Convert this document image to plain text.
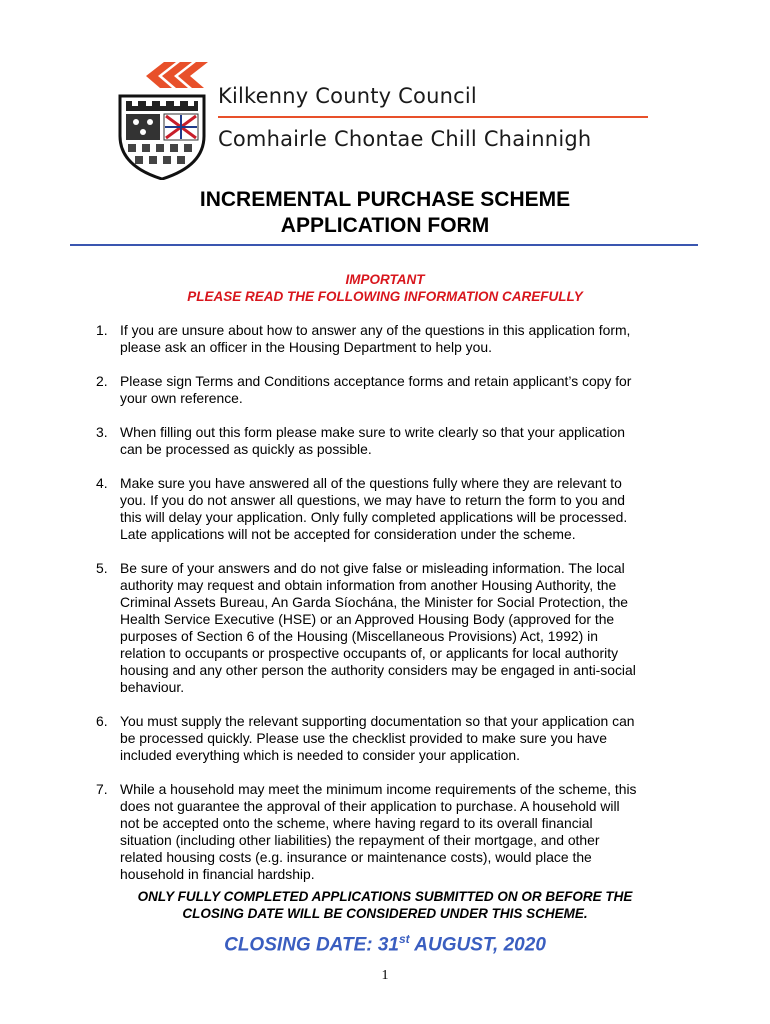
Kilkenny County Council
Comhairle Chontae Chill Chainnigh
INCREMENTAL PURCHASE SCHEME
APPLICATION FORM
IMPORTANT
PLEASE READ THE FOLLOWING INFORMATION CAREFULLY
1. If you are unsure about how to answer any of the questions in this application form,
please ask an officer in the Housing Department to help you.
2. Please sign Terms and Conditions acceptance forms and retain applicant’s copy for
your own reference.
3. When filling out this form please make sure to write clearly so that your application
can be processed as quickly as possible.
4. Make sure you have answered all of the questions fully where they are relevant to
you. If you do not answer all questions, we may have to return the form to you and
this will delay your application. Only fully completed applications will be processed.
Late applications will not be accepted for consideration under the scheme.
5. Be sure of your answers and do not give false or misleading information. The local
authority may request and obtain information from another Housing Authority, the
Criminal Assets Bureau, An Garda Síochána, the Minister for Social Protection, the
Health Service Executive (HSE) or an Approved Housing Body (approved for the
purposes of Section 6 of the Housing (Miscellaneous Provisions) Act, 1992) in
relation to occupants or prospective occupants of, or applicants for local authority
housing and any other person the authority considers may be engaged in anti-social
behaviour.
6. You must supply the relevant supporting documentation so that your application can
be processed quickly. Please use the checklist provided to make sure you have
included everything which is needed to consider your application.
7. While a household may meet the minimum income requirements of the scheme, this
does not guarantee the approval of their application to purchase. A household will
not be accepted onto the scheme, where having regard to its overall financial
situation (including other liabilities) the repayment of their mortgage, and other
related housing costs (e.g. insurance or maintenance costs), would place the
household in financial hardship.
ONLY FULLY COMPLETED APPLICATIONS SUBMITTED ON OR BEFORE THE
CLOSING DATE WILL BE CONSIDERED UNDER THIS SCHEME.
CLOSING DATE: 31st AUGUST, 2020
1
